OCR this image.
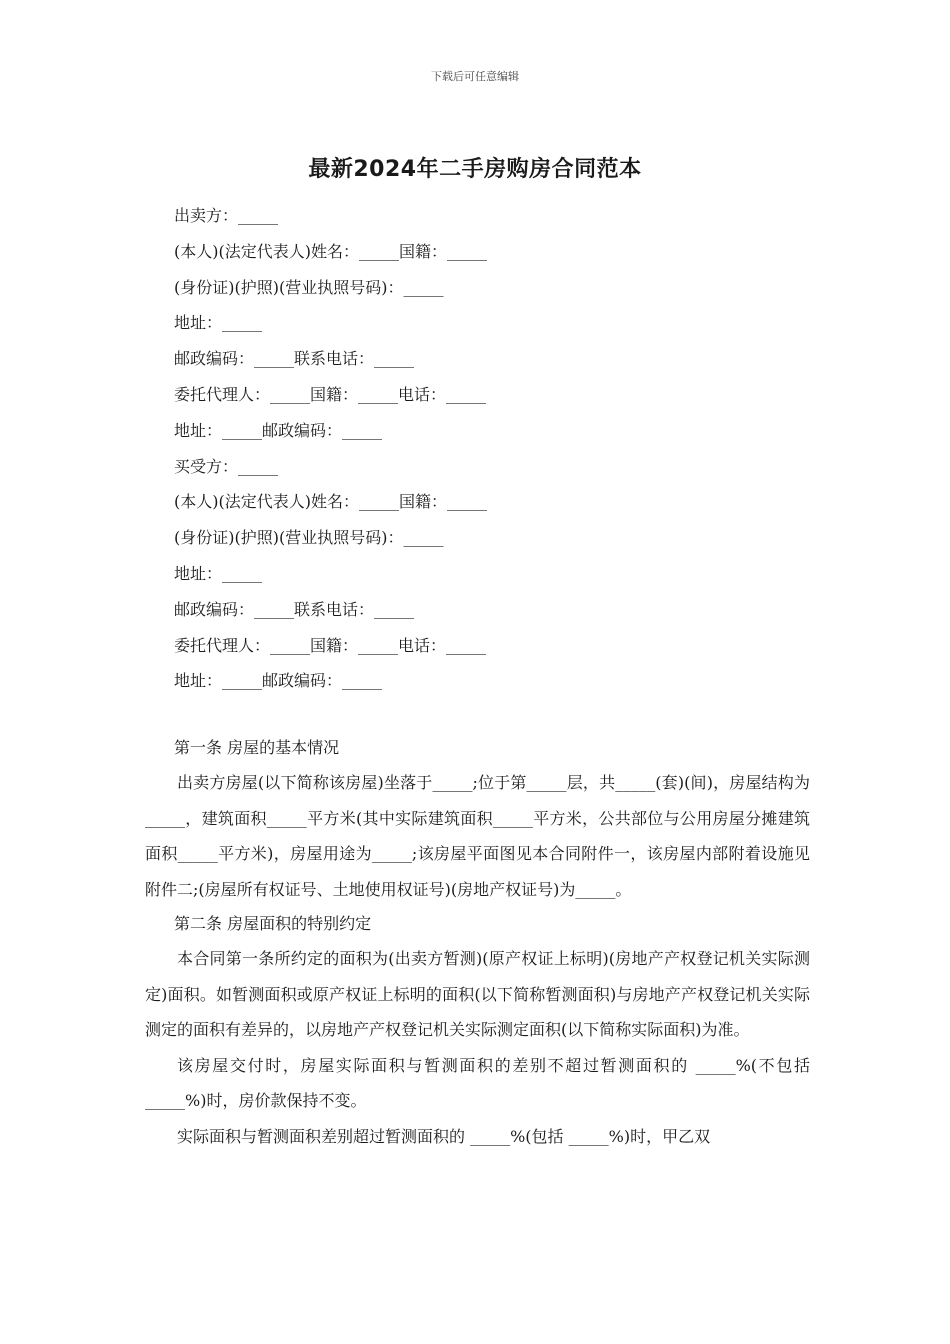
下载后可任意编辑
最新2024年二手房购房合同范本
出卖方：_____
(本人)(法定代表人)姓名：_____国籍：_____
(身份证)(护照)(营业执照号码)：_____
地址：_____
邮政编码：_____联系电话：_____
委托代理人：_____国籍：_____电话：_____
地址：_____邮政编码：_____
买受方：_____
(本人)(法定代表人)姓名：_____国籍：_____
(身份证)(护照)(营业执照号码)：_____
地址：_____
邮政编码：_____联系电话：_____
委托代理人：_____国籍：_____电话：_____
地址：_____邮政编码：_____
第一条 房屋的基本情况

出卖方房屋(以下简称该房屋)坐落于_____;位于第_____层，共_____(套)(间)，房屋结构为_____，建筑面积_____平方米(其中实际建筑面积_____平方米，公共部位与公用房屋分摊建筑面积_____平方米)，房屋用途为_____;该房屋平面图见本合同附件一，该房屋内部附着设施见附件二;(房屋所有权证号、土地使用权证号)(房地产权证号)为_____。

第二条 房屋面积的特别约定

本合同第一条所约定的面积为(出卖方暂测)(原产权证上标明)(房地产产权登记机关实际测定)面积。如暂测面积或原产权证上标明的面积(以下简称暂测面积)与房地产产权登记机关实际测定的面积有差异的，以房地产产权登记机关实际测定面积(以下简称实际面积)为准。

该房屋交付时，房屋实际面积与暂测面积的差别不超过暂测面积的 _____%(不包括 _____%)时，房价款保持不变。

实际面积与暂测面积差别超过暂测面积的 _____%(包括 _____%)时，甲乙双
